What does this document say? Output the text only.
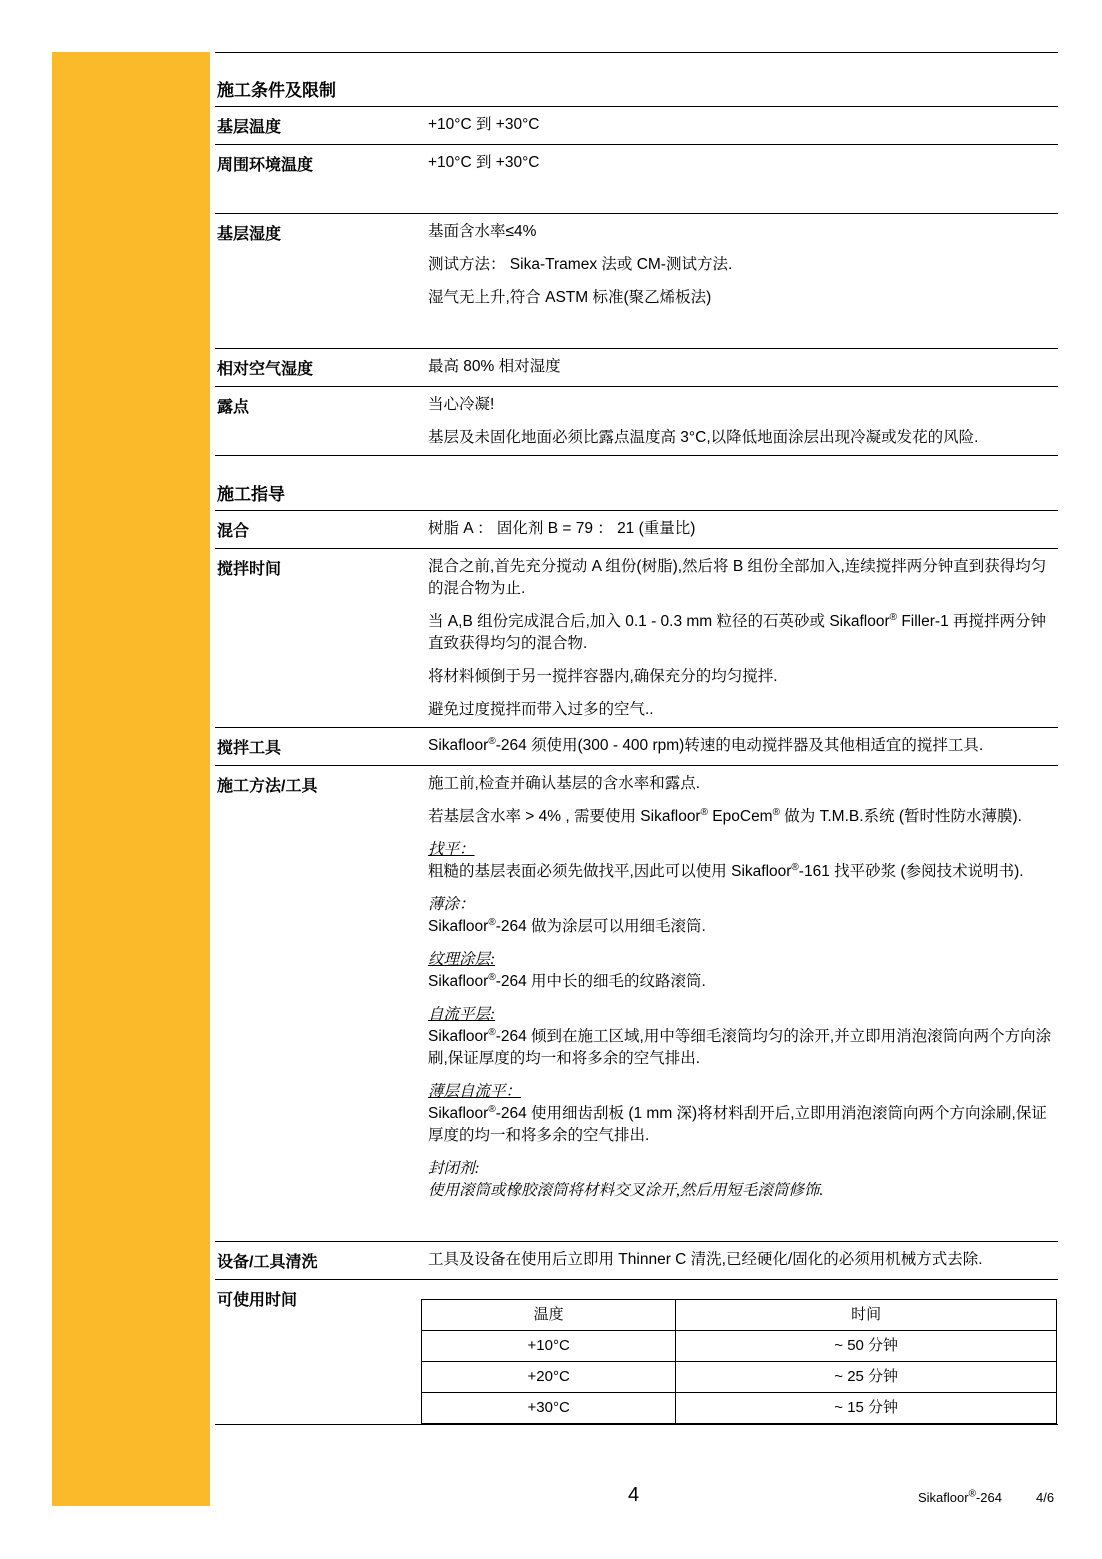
施工条件及限制
基层温度	+10°C 到 +30°C
周围环境温度	+10°C 到 +30°C

基层湿度	基面含水率≤4%

测试方法： Sika-Tramex 法或 CM-测试方法.

湿气无上升,符合 ASTM 标准(聚乙烯板法)

相对空气湿度	最高 80% 相对湿度
露点	当心冷凝!

基层及未固化地面必须比露点温度高 3°C,以降低地面涂层出现冷凝或发花的风险.

施工指导
混合	树脂 A ： 固化剂 B = 79 ： 21 (重量比)
搅拌时间	混合之前,首先充分搅动 A 组份(树脂),然后将 B 组份全部加入,连续搅拌两分钟直到获得均匀的混合物为止.

当 A,B 组份完成混合后,加入 0.1 - 0.3 mm 粒径的石英砂或 Sikafloor® Filler-1 再搅拌两分钟直致获得均匀的混合物.

将材料倾倒于另一搅拌容器内,确保充分的均匀搅拌.

避免过度搅拌而带入过多的空气..

搅拌工具	Sikafloor®-264 须使用(300 - 400 rpm)转速的电动搅拌器及其他相适宜的搅拌工具.
施工方法/工具	施工前,检查并确认基层的含水率和露点.

若基层含水率 > 4% , 需要使用 Sikafloor® EpoCem® 做为 T.M.B.系统 (暂时性防水薄膜).

找平：
粗糙的基层表面必须先做找平,因此可以使用 Sikafloor®-161 找平砂浆 (参阅技术说明书).

薄涂：
Sikafloor®-264 做为涂层可以用细毛滚筒.

纹理涂层:
Sikafloor®-264 用中长的细毛的纹路滚筒.

自流平层:
Sikafloor®-264 倾到在施工区域,用中等细毛滚筒均匀的涂开,并立即用消泡滚筒向两个方向涂刷,保证厚度的均一和将多余的空气排出.

薄层自流平：
Sikafloor®-264 使用细齿刮板 (1 mm 深)将材料刮开后,立即用消泡滚筒向两个方向涂刷,保证厚度的均一和将多余的空气排出.

封闭剂:
使用滚筒或橡胶滚筒将材料交叉涂开,然后用短毛滚筒修饰.

设备/工具清洗	工具及设备在使用后立即用 Thinner C 清洗,已经硬化/固化的必须用机械方式去除.
可使用时间
温度	时间
+10°C	~ 50 分钟
+20°C	~ 25 分钟
+30°C	~ 15 分钟
4	Sikafloor®-264	4/6
